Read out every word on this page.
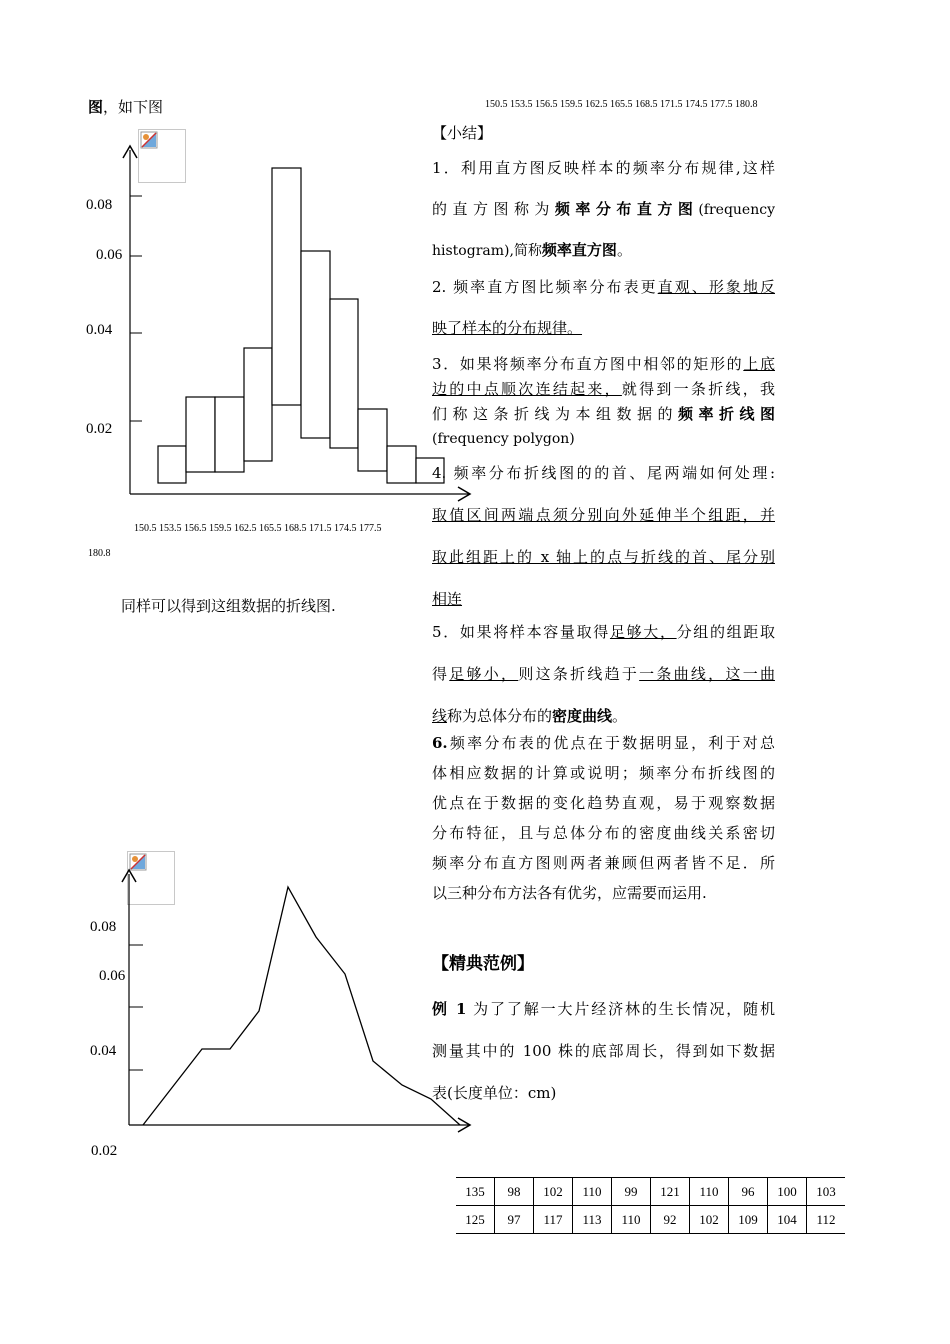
图，如下图	150.5 153.5 156.5 159.5 162.5 165.5 168.5 171.5 174.5 177.5 180.8
0.08
0.06
0.04
0.02
150.5 153.5 156.5 159.5 162.5 165.5 168.5 171.5 174.5 177.5
180.8
同样可以得到这组数据的折线图.
0.08
0.06
0.04
0.02
【小结】
1．利用直方图反映样本的频率分布规律,这样
的直方图称为频率分布直方图(frequency
histogram),简称频率直方图。
2. 频率直方图比频率分布表更直观、形象地反
映了样本的分布规律。
3．如果将频率分布直方图中相邻的矩形的上底
边的中点顺次连结起来，就得到一条折线，我
们称这条折线为本组数据的频率折线图
(frequency polygon)
4. 频率分布折线图的的首、尾两端如何处理:
取值区间两端点须分别向外延伸半个组距，并
取此组距上的 x 轴上的点与折线的首、尾分别
相连
5．如果将样本容量取得足够大，分组的组距取
得足够小，则这条折线趋于一条曲线，这一曲
线称为总体分布的密度曲线。
6.频率分布表的优点在于数据明显，利于对总
体相应数据的计算或说明；频率分布折线图的
优点在于数据的变化趋势直观，易于观察数据
分布特征，且与总体分布的密度曲线关系密切
频率分布直方图则两者兼顾但两者皆不足．所
以三种分布方法各有优劣，应需要而运用.
【精典范例】
例 1 为了了解一大片经济林的生长情况，随机
测量其中的 100 株的底部周长，得到如下数据
表(长度单位：cm)
135	98	102	110	99	121	110	96	100	103
125	97	117	113	110	92	102	109	104	112
